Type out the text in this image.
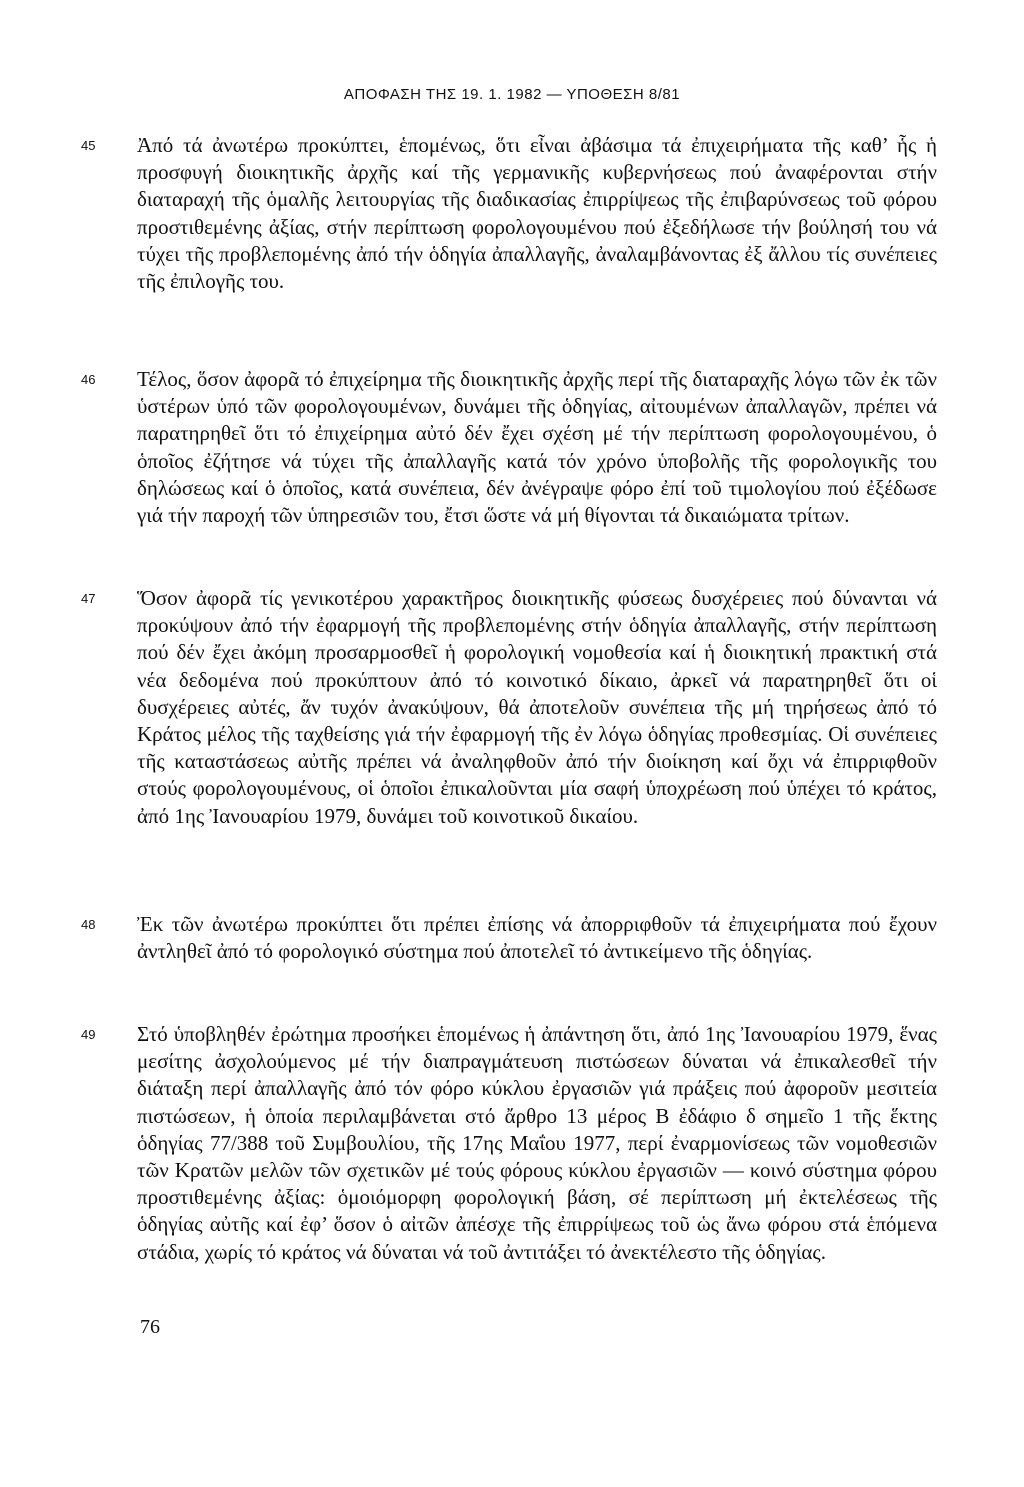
ΑΠΟΦΑΣΗ ΤΗΣ 19. 1. 1982 — ΥΠΟΘΕΣΗ 8/81
45 Ἀπό τά ἀνωτέρω προκύπτει, ἑπομένως, ὅτι εἶναι ἀβάσιμα τά ἐπιχειρήματα τῆς καθ’ ἧς ἡ προσφυγή διοικητικῆς ἀρχῆς καί τῆς γερμανικῆς κυβερνήσεως πού ἀναφέρονται στήν διαταραχή τῆς ὁμαλῆς λειτουργίας τῆς διαδικασίας ἐπιρρίψεως τῆς ἐπιβαρύνσεως τοῦ φόρου προστιθεμένης ἀξίας, στήν περίπτωση φορολογουμένου πού ἐξεδήλωσε τήν βούλησή του νά τύχει τῆς προβλεπομένης ἀπό τήν ὁδηγία ἀπαλλαγῆς, ἀναλαμβάνοντας ἐξ ἄλλου τίς συνέπειες τῆς ἐπιλογῆς του.

46 Τέλος, ὅσον ἀφορᾶ τό ἐπιχείρημα τῆς διοικητικῆς ἀρχῆς περί τῆς διαταραχῆς λόγω τῶν ἐκ τῶν ὑστέρων ὑπό τῶν φορολογουμένων, δυνάμει τῆς ὁδηγίας, αἰτουμένων ἀπαλλαγῶν, πρέπει νά παρατηρηθεῖ ὅτι τό ἐπιχείρημα αὐτό δέν ἔχει σχέση μέ τήν περίπτωση φορολογουμένου, ὁ ὁποῖος ἐζήτησε νά τύχει τῆς ἀπαλλαγῆς κατά τόν χρόνο ὑποβολῆς τῆς φορολογικῆς του δηλώσεως καί ὁ ὁποῖος, κατά συνέπεια, δέν ἀνέγραψε φόρο ἐπί τοῦ τιμολογίου πού ἐξέδωσε γιά τήν παροχή τῶν ὑπηρεσιῶν του, ἔτσι ὥστε νά μή θίγονται τά δικαιώματα τρίτων.

47 Ὅσον ἀφορᾶ τίς γενικοτέρου χαρακτῆρος διοικητικῆς φύσεως δυσχέρειες πού δύνανται νά προκύψουν ἀπό τήν ἐφαρμογή τῆς προβλεπομένης στήν ὁδηγία ἀπαλλαγῆς, στήν περίπτωση πού δέν ἔχει ἀκόμη προσαρμοσθεῖ ἡ φορολογική νομοθεσία καί ἡ διοικητική πρακτική στά νέα δεδομένα πού προκύπτουν ἀπό τό κοινοτικό δίκαιο, ἀρκεῖ νά παρατηρηθεῖ ὅτι οἱ δυσχέρειες αὐτές, ἄν τυχόν ἀνακύψουν, θά ἀποτελοῦν συνέπεια τῆς μή τηρήσεως ἀπό τό Κράτος μέλος τῆς ταχθείσης γιά τήν ἐφαρμογή τῆς ἐν λόγω ὁδηγίας προθεσμίας. Οἱ συνέπειες τῆς καταστάσεως αὐτῆς πρέπει νά ἀναληφθοῦν ἀπό τήν διοίκηση καί ὄχι νά ἐπιρριφθοῦν στούς φορολογουμένους, οἱ ὁποῖοι ἐπικαλοῦνται μία σαφή ὑποχρέωση πού ὑπέχει τό κράτος, ἀπό 1ης Ἰανουαρίου 1979, δυνάμει τοῦ κοινοτικοῦ δικαίου.

48 Ἐκ τῶν ἀνωτέρω προκύπτει ὅτι πρέπει ἐπίσης νά ἀπορριφθοῦν τά ἐπιχειρήματα πού ἔχουν ἀντληθεῖ ἀπό τό φορολογικό σύστημα πού ἀποτελεῖ τό ἀντικείμενο τῆς ὁδηγίας.

49 Στό ὑποβληθέν ἐρώτημα προσήκει ἑπομένως ἡ ἀπάντηση ὅτι, ἀπό 1ης Ἰανουαρίου 1979, ἕνας μεσίτης ἀσχολούμενος μέ τήν διαπραγμάτευση πιστώσεων δύναται νά ἐπικαλεσθεῖ τήν διάταξη περί ἀπαλλαγῆς ἀπό τόν φόρο κύκλου ἐργασιῶν γιά πράξεις πού ἀφοροῦν μεσιτεία πιστώσεων, ἡ ὁποία περιλαμβάνεται στό ἄρθρο 13 μέρος Β ἐδάφιο δ σημεῖο 1 τῆς ἕκτης ὁδηγίας 77/388 τοῦ Συμβουλίου, τῆς 17ης Μαΐου 1977, περί ἐναρμονίσεως τῶν νομοθεσιῶν τῶν Κρατῶν μελῶν τῶν σχετικῶν μέ τούς φόρους κύκλου ἐργασιῶν — κοινό σύστημα φόρου προστιθεμένης ἀξίας: ὁμοιόμορφη φορολογική βάση, σέ περίπτωση μή ἐκτελέσεως τῆς ὁδηγίας αὐτῆς καί ἐφ’ ὅσον ὁ αἰτῶν ἀπέσχε τῆς ἐπιρρίψεως τοῦ ὡς ἄνω φόρου στά ἑπόμενα στάδια, χωρίς τό κράτος νά δύναται νά τοῦ ἀντιτάξει τό ἀνεκτέλεστο τῆς ὁδηγίας.

76
